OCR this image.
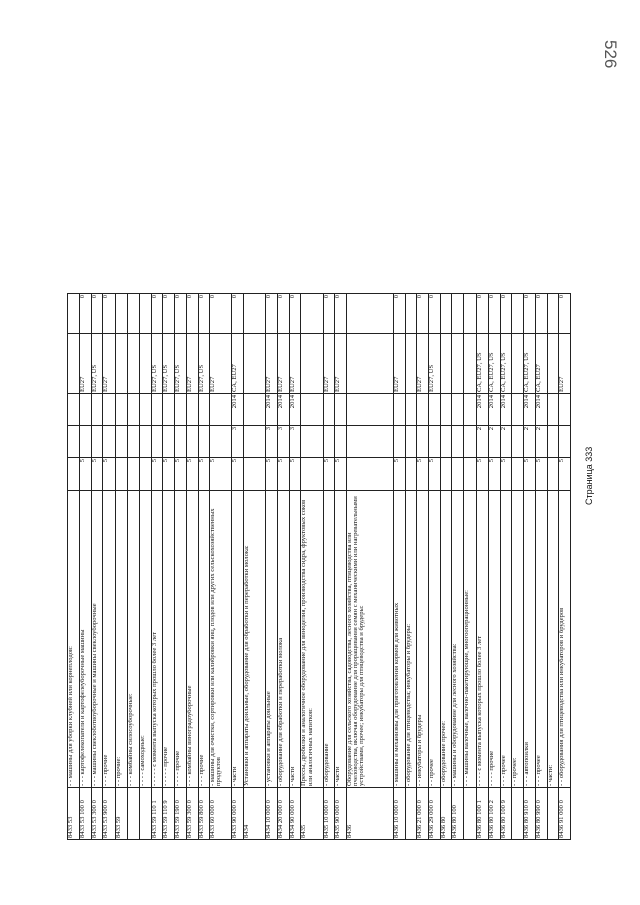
526
8433 53
- - машины для уборки клубней или корнеплодов:
8433 53 100 0
- - - картофелекопатели и картофелеуборочные машины
5
EU27
0
8433 53 300 0
- - - машины свеклоботвоуборочные и машины свеклоуборочные
5
EU27, US
0
8433 53 900 0
- - - прочие
5
EU27
0
8433 59
- - прочие: - - - комбайны силосоуборочные: - - - - самоходные:
8433 59 110 1
- - - - - с момента выпуска которых прошло более 3 лет
5
EU27, US
0
8433 59 110 9
- - - - - прочие
5
EU27, US
0
8433 59 190 0
- - - - прочие
5
EU27, US
0
8433 59 300 0
- - - комбайны виноградоуборочные
5
EU27
0
8433 59 800 0
- - - прочие
5
EU27, US
0
8433 60 000 0
- машины для очистки, сортировки или калибровки яиц, плодов или других сельскохозяйственных продуктов
5
EU27
0
8433 90 000 0
- части
5
3
2014
CA, EU27
0
8434
Установки и аппараты доильные, оборудование для обработки и переработки молока:
8434 10 000 0
- установки и аппараты доильные
5
3
2014
EU27
0
8434 20 000 0
- оборудование для обработки и переработки молока
5
3
2014
EU27
0
8434 90 000 0
- части
5
3
2014
EU27
0
8435
Прессы, дробилки и аналогичное оборудование для виноделия, производства сидра, фруктовых соков или аналогичных напитков:
8435 10 000 0
- оборудование
5
EU27
0
8435 90 000 0
- части
5
EU27
0
8436
Оборудование для сельского хозяйства, садоводства, лесного хозяйства, птицеводства или пчеловодства, включая оборудование для проращивания семян с механическими или нагревательными устройствами, прочее; инкубаторы для птицеводства и брудеры:
8436 10 000 0
- машины и механизмы для приготовления кормов для животных
5
EU27
0
- оборудование для птицеводства; инкубаторы и брудеры:
8436 21 000 0
- - инкубаторы и брудеры
5
EU27
0
8436 29 000 0
- - прочее
5
EU27, US
0
8436 80
- оборудование прочее:
8436 80 100
- - машины и оборудование для лесного хозяйства: - - - машины валочные, валочно-пакетирующие, многооперационные:
8436 80 100 1
- - - - с момента выпуска которых прошло более 3 лет
5
2
2014
CA, EU27, US
0
8436 80 100 2
- - - - прочие
5
2
2014
CA, EU27, US
0
8436 80 100 9
- - - прочее
5
2
2014
CA, EU27, US
0
- - прочее:
8436 80 910 0
- - - автопоилки
5
2
2014
CA, EU27, US
0
8436 80 990 0
- - - прочее
5
2
2014
CA, EU27
0
- части:
8436 91 000 0
- - оборудования для птицеводства или инкубаторов и брудеров
5
EU27
0
Страница 333
